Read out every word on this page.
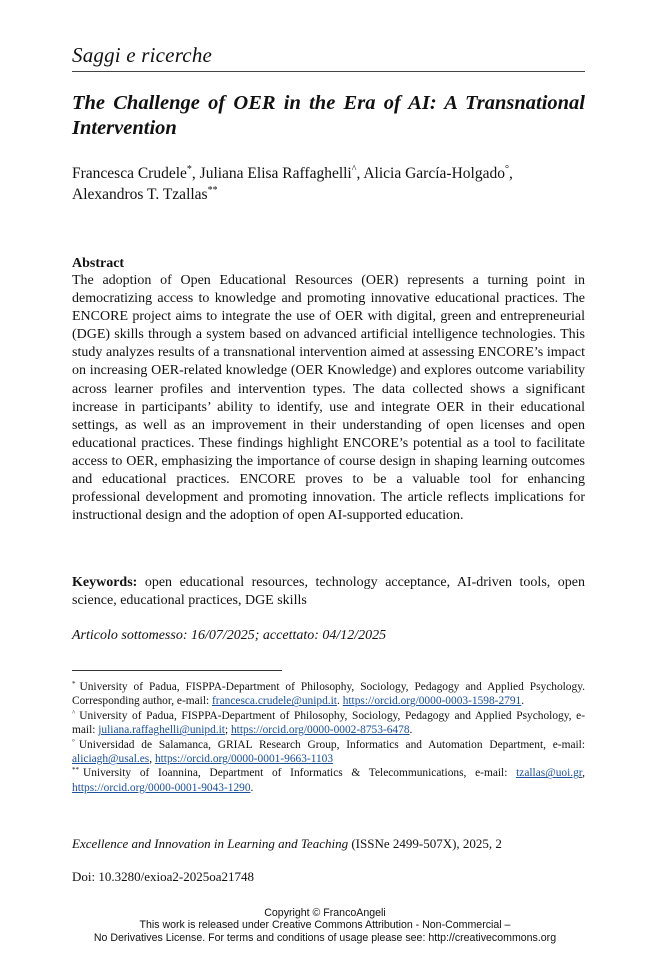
Saggi e ricerche
The Challenge of OER in the Era of AI: A Transnational Intervention
Francesca Crudele*, Juliana Elisa Raffaghelli^, Alicia García-Holgado°,
Alexandros T. Tzallas**
Abstract

The adoption of Open Educational Resources (OER) represents a turning point in democratizing access to knowledge and promoting innovative educational practices. The ENCORE project aims to integrate the use of OER with digital, green and entrepreneurial (DGE) skills through a system based on advanced artificial intelligence technologies. This study analyzes results of a transnational intervention aimed at assessing ENCORE’s impact on increasing OER-related knowledge (OER Knowledge) and explores outcome variability across learner profiles and intervention types. The data collected shows a significant increase in participants’ ability to identify, use and integrate OER in their educational settings, as well as an improvement in their understanding of open licenses and open educational practices. These findings highlight ENCORE’s potential as a tool to facilitate access to OER, emphasizing the importance of course design in shaping learning outcomes and educational practices. ENCORE proves to be a valuable tool for enhancing professional development and promoting innovation. The article reflects implications for instructional design and the adoption of open AI-supported education.

Keywords: open educational resources, technology acceptance, AI-driven tools, open science, educational practices, DGE skills

Articolo sottomesso: 16/07/2025; accettato: 04/12/2025

* University of Padua, FISPPA-Department of Philosophy, Sociology, Pedagogy and Applied Psychology. Corresponding author, e-mail: francesca.crudele@unipd.it. https://orcid.org/0000-0003-1598-2791.

^ University of Padua, FISPPA-Department of Philosophy, Sociology, Pedagogy and Applied Psychology, e-mail: juliana.raffaghelli@unipd.it; https://orcid.org/0000-0002-8753-6478.

° Universidad de Salamanca, GRIAL Research Group, Informatics and Automation Department, e-mail: aliciagh@usal.es, https://orcid.org/0000-0001-9663-1103

** University of Ioannina, Department of Informatics & Telecommunications, e-mail: tzallas@uoi.gr, https://orcid.org/0000-0001-9043-1290.

Excellence and Innovation in Learning and Teaching (ISSNe 2499-507X), 2025, 2
Doi: 10.3280/exioa2-2025oa21748
Copyright © FrancoAngeli
This work is released under Creative Commons Attribution - Non-Commercial –
No Derivatives License. For terms and conditions of usage please see: http://creativecommons.org
